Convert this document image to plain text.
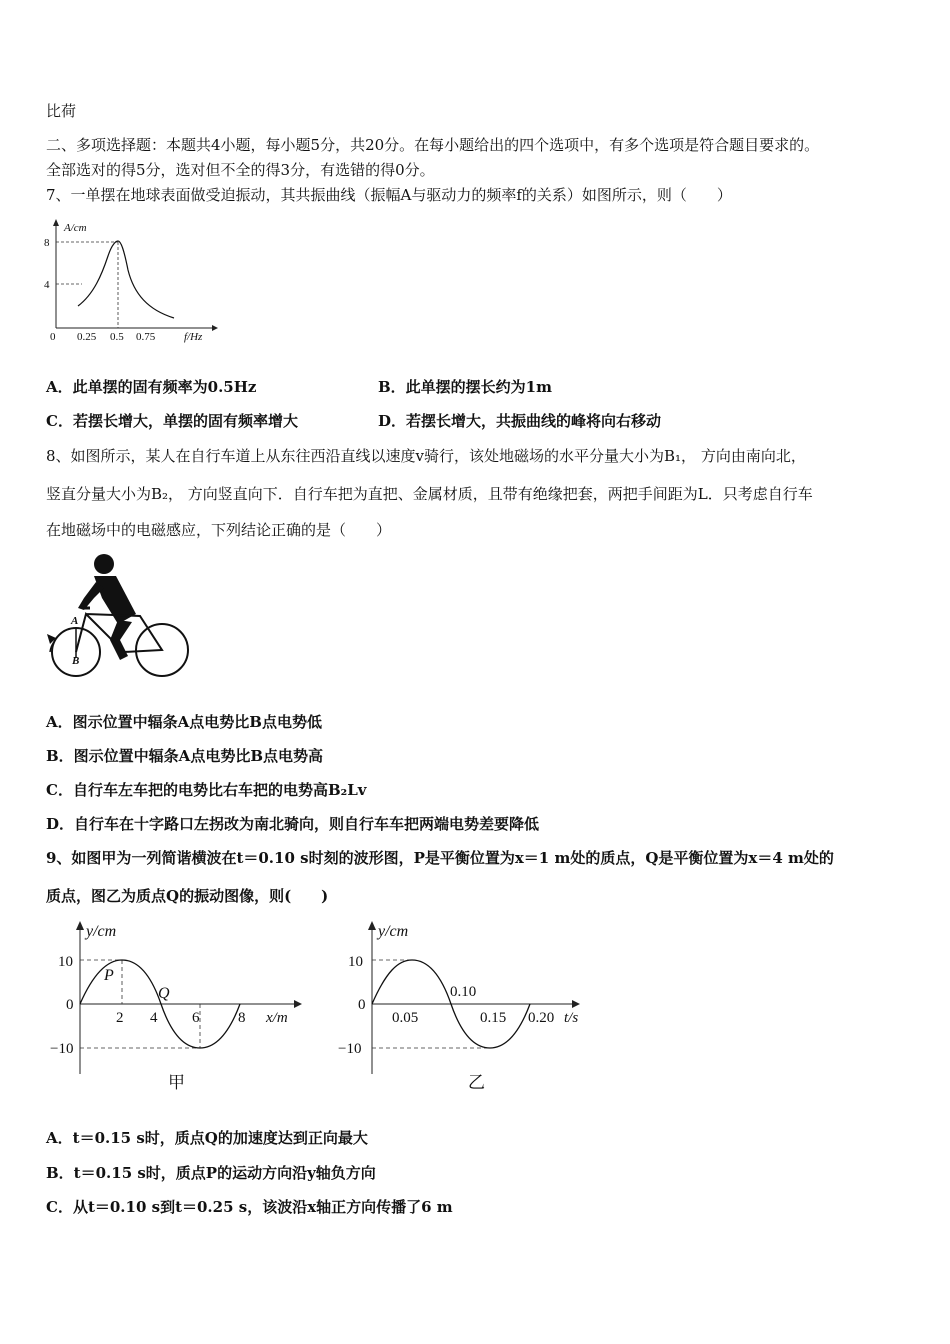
比荷
二、多项选择题：本题共4小题，每小题5分，共20分。在每小题给出的四个选项中，有多个选项是符合题目要求的。
全部选对的得5分，选对但不全的得3分，有选错的得0分。
7、一单摆在地球表面做受迫振动，其共振曲线（振幅A与驱动力的频率f的关系）如图所示，则（　　）
A/cm
f/Hz
0
8
4
0.25 0.5 0.75
A．此单摆的固有频率为0.5Hz	B．此单摆的摆长约为1m
C．若摆长增大，单摆的固有频率增大	D．若摆长增大，共振曲线的峰将向右移动
8、如图所示，某人在自行车道上从东往西沿直线以速度v骑行，该处地磁场的水平分量大小为B₁， 方向由南向北，
竖直分量大小为B₂， 方向竖直向下．自行车把为直把、金属材质，且带有绝缘把套，两把手间距为L．只考虑自行车
在地磁场中的电磁感应，下列结论正确的是（　　）
A
B
A．图示位置中辐条A点电势比B点电势低
B．图示位置中辐条A点电势比B点电势高
C．自行车左车把的电势比右车把的电势高B₂Lv
D．自行车在十字路口左拐改为南北骑向，则自行车车把两端电势差要降低
9、如图甲为一列简谐横波在t＝0.10 s时刻的波形图，P是平衡位置为x＝1 m处的质点，Q是平衡位置为x＝4 m处的
质点，图乙为质点Q的振动图像，则(　　)
y/cm
10
0
−10
2 4 6	8 x/m
P
Q
甲
y/cm
10
0
−10
0.05
0.10
0.15 0.20 t/s
乙
A．t＝0.15 s时，质点Q的加速度达到正向最大
B．t＝0.15 s时，质点P的运动方向沿y轴负方向
C．从t＝0.10 s到t＝0.25 s，该波沿x轴正方向传播了6 m
